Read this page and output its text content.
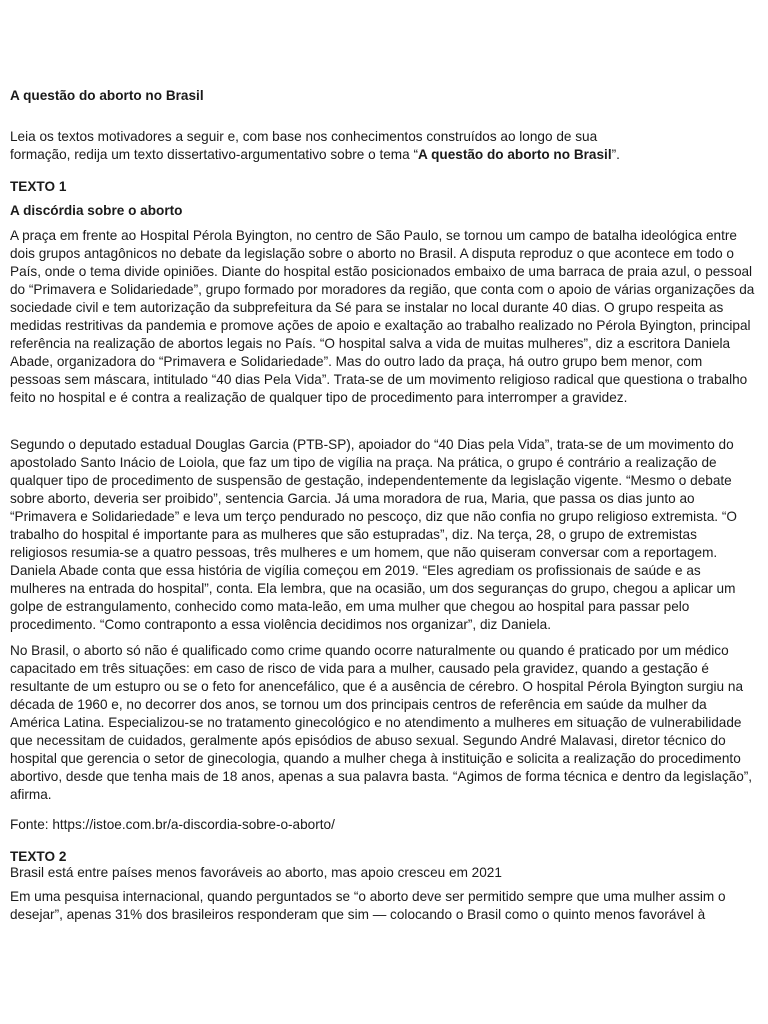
A questão do aborto no Brasil

Leia os textos motivadores a seguir e, com base nos conhecimentos construídos ao longo de sua formação, redija um texto dissertativo-argumentativo sobre o tema “A questão do aborto no Brasil”.

TEXTO 1

A discórdia sobre o aborto

A praça em frente ao Hospital Pérola Byington, no centro de São Paulo, se tornou um campo de batalha ideológica entre dois grupos antagônicos no debate da legislação sobre o aborto no Brasil. A disputa reproduz o que acontece em todo o País, onde o tema divide opiniões. Diante do hospital estão posicionados embaixo de uma barraca de praia azul, o pessoal do “Primavera e Solidariedade”, grupo formado por moradores da região, que conta com o apoio de várias organizações da sociedade civil e tem autorização da subprefeitura da Sé para se instalar no local durante 40 dias. O grupo respeita as medidas restritivas da pandemia e promove ações de apoio e exaltação ao trabalho realizado no Pérola Byington, principal referência na realização de abortos legais no País. “O hospital salva a vida de muitas mulheres”, diz a escritora Daniela Abade, organizadora do “Primavera e Solidariedade”. Mas do outro lado da praça, há outro grupo bem menor, com pessoas sem máscara, intitulado “40 dias Pela Vida”. Trata-se de um movimento religioso radical que questiona o trabalho feito no hospital e é contra a realização de qualquer tipo de procedimento para interromper a gravidez.

Segundo o deputado estadual Douglas Garcia (PTB-SP), apoiador do “40 Dias pela Vida”, trata-se de um movimento do apostolado Santo Inácio de Loiola, que faz um tipo de vigília na praça. Na prática, o grupo é contrário a realização de qualquer tipo de procedimento de suspensão de gestação, independentemente da legislação vigente. “Mesmo o debate sobre aborto, deveria ser proibido”, sentencia Garcia. Já uma moradora de rua, Maria, que passa os dias junto ao “Primavera e Solidariedade” e leva um terço pendurado no pescoço, diz que não confia no grupo religioso extremista. “O trabalho do hospital é importante para as mulheres que são estupradas”, diz. Na terça, 28, o grupo de extremistas religiosos resumia-se a quatro pessoas, três mulheres e um homem, que não quiseram conversar com a reportagem. Daniela Abade conta que essa história de vigília começou em 2019. “Eles agrediam os profissionais de saúde e as mulheres na entrada do hospital”, conta. Ela lembra, que na ocasião, um dos seguranças do grupo, chegou a aplicar um golpe de estrangulamento, conhecido como mata-leão, em uma mulher que chegou ao hospital para passar pelo procedimento. “Como contraponto a essa violência decidimos nos organizar”, diz Daniela.

No Brasil, o aborto só não é qualificado como crime quando ocorre naturalmente ou quando é praticado por um médico capacitado em três situações: em caso de risco de vida para a mulher, causado pela gravidez, quando a gestação é resultante de um estupro ou se o feto for anencefálico, que é a ausência de cérebro. O hospital Pérola Byington surgiu na década de 1960 e, no decorrer dos anos, se tornou um dos principais centros de referência em saúde da mulher da América Latina. Especializou-se no tratamento ginecológico e no atendimento a mulheres em situação de vulnerabilidade que necessitam de cuidados, geralmente após episódios de abuso sexual. Segundo André Malavasi, diretor técnico do hospital que gerencia o setor de ginecologia, quando a mulher chega à instituição e solicita a realização do procedimento abortivo, desde que tenha mais de 18 anos, apenas a sua palavra basta. “Agimos de forma técnica e dentro da legislação”, afirma.

Fonte: https://istoe.com.br/a-discordia-sobre-o-aborto/

TEXTO 2

Brasil está entre países menos favoráveis ao aborto, mas apoio cresceu em 2021

Em uma pesquisa internacional, quando perguntados se “o aborto deve ser permitido sempre que uma mulher assim o desejar”, apenas 31% dos brasileiros responderam que sim — colocando o Brasil como o quinto menos favorável à
